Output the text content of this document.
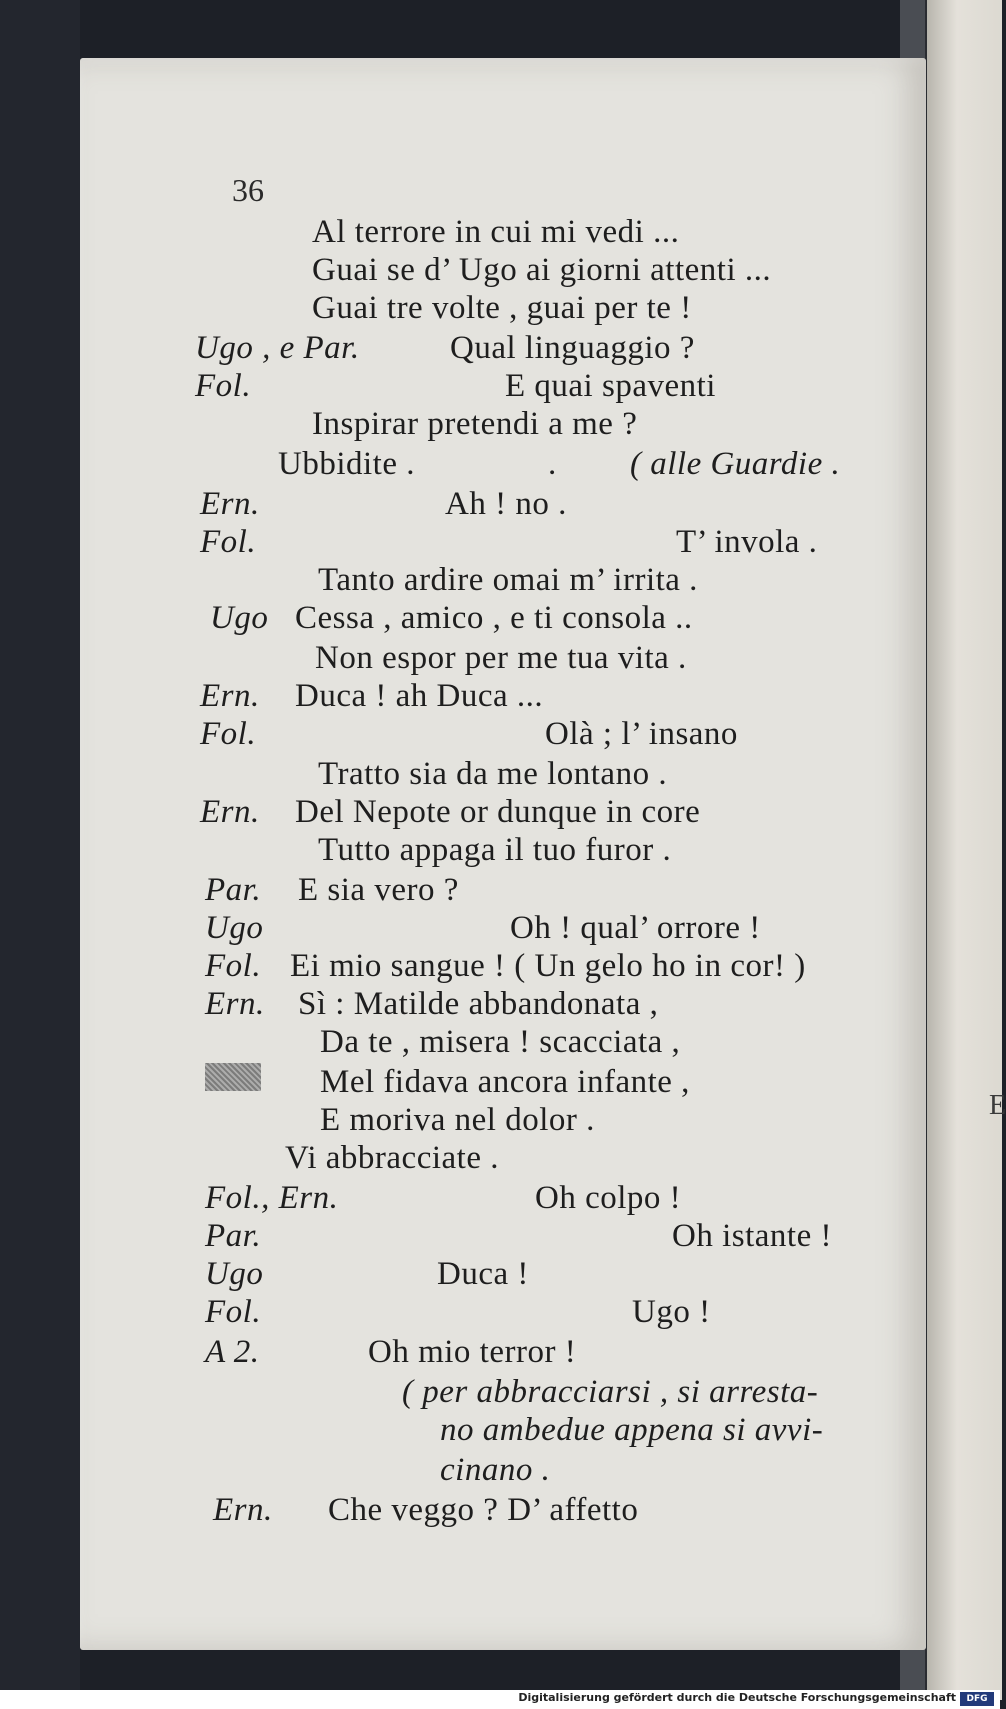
E
36
Al terrore in cui mi vedi ...
Guai se d’ Ugo ai giorni attenti ...
Guai tre volte , guai per te !
Ugo , e Par.	Qual linguaggio ?
Fol.	E quai spaventi
Inspirar pretendi a me ?
Ubbidite .	. ( alle Guardie .
Ern.	Ah ! no .
Fol.	T’ invola .
Tanto ardire omai m’ irrita .
Ugo Cessa , amico , e ti consola ..
Non espor per me tua vita .
Ern. Duca ! ah Duca ...
Fol.	Olà ; l’ insano
Tratto sia da me lontano .
Ern. Del Nepote or dunque in core
Tutto appaga il tuo furor .
Par. E sia vero ?
Ugo	Oh ! qual’ orrore !
Fol. Ei mio sangue ! ( Un gelo ho in cor! )
Ern. Sì : Matilde abbandonata ,
Da te , misera ! scacciata ,
Mel fidava ancora infante ,
E moriva nel dolor .
Vi abbracciate .
Fol., Ern.	Oh colpo !
Par.	Oh istante !
Ugo	Duca !
Fol.	Ugo !
A 2.	Oh mio terror !
( per abbracciarsi , si arresta-
no ambedue appena si avvi-
cinano .
Ern. Che veggo ? D’ affetto
Digitalisierung gefördert durch die Deutsche Forschungsgemeinschaft	DFG
